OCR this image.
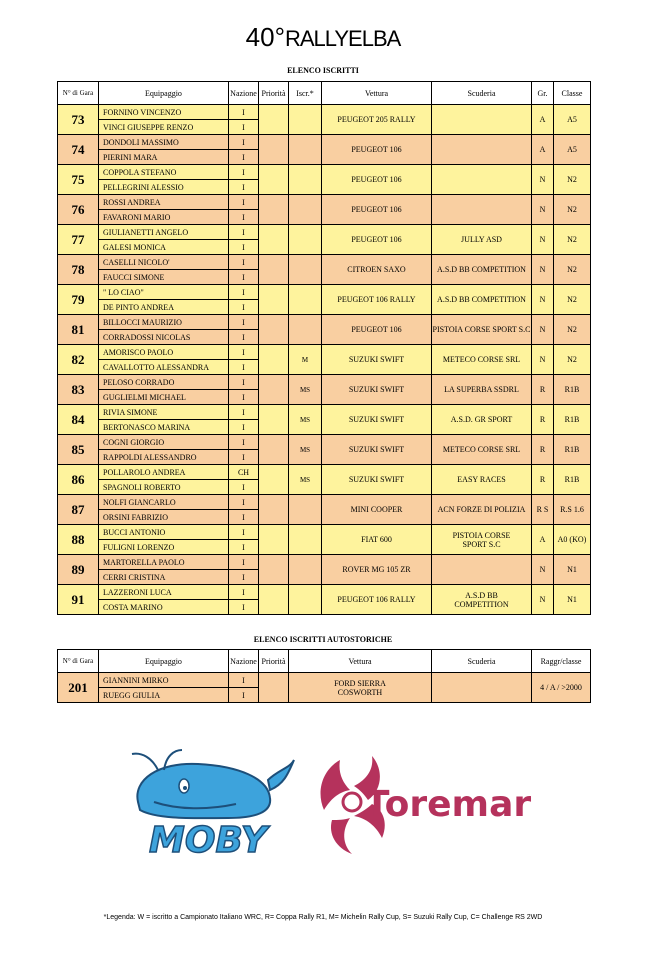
40°RALLYELBA
ELENCO ISCRITTI
N° di Gara	Equipaggio	Nazione	Priorità	Iscr.*	Vettura	Scuderia	Gr.	Classe
73	FORNINO VINCENZO	I			PEUGEOT 205 RALLY		A	A5
	VINCI GIUSEPPE RENZO	I						
74	DONDOLI MASSIMO	I			PEUGEOT 106		A	A5
	PIERINI MARA	I						
75	COPPOLA STEFANO	I			PEUGEOT 106		N	N2
	PELLEGRINI ALESSIO	I						
76	ROSSI ANDREA	I			PEUGEOT 106		N	N2
	FAVARONI MARIO	I						
77	GIULIANETTI ANGELO	I			PEUGEOT 106	JULLY ASD	N	N2
	GALESI MONICA	I						
78	CASELLI NICOLO'	I			CITROEN SAXO	A.S.D BB COMPETITION	N	N2
	FAUCCI SIMONE	I						
79	" LO CIAO"	I			PEUGEOT 106 RALLY	A.S.D BB COMPETITION	N	N2
	DE PINTO ANDREA	I						
81	BILLOCCI MAURIZIO	I			PEUGEOT 106	PISTOIA CORSE SPORT S.C	N	N2
	CORRADOSSI NICOLAS	I						
82	AMORISCO PAOLO	I		M	SUZUKI SWIFT	METECO CORSE SRL	N	N2
	CAVALLOTTO ALESSANDRA	I						
83	PELOSO CORRADO	I		MS	SUZUKI SWIFT	LA SUPERBA SSDRL	R	R1B
	GUGLIELMI MICHAEL	I						
84	RIVIA SIMONE	I		MS	SUZUKI SWIFT	A.S.D. GR SPORT	R	R1B
	BERTONASCO MARINA	I						
85	COGNI GIORGIO	I		MS	SUZUKI SWIFT	METECO CORSE SRL	R	R1B
	RAPPOLDI ALESSANDRO	I						
86	POLLAROLO ANDREA	CH		MS	SUZUKI SWIFT	EASY RACES	R	R1B
	SPAGNOLI ROBERTO	I						
87	NOLFI GIANCARLO	I			MINI COOPER	ACN FORZE DI POLIZIA	R S	R.S 1.6
	ORSINI FABRIZIO	I						
88	BUCCI ANTONIO	I			FIAT 600	PISTOIA CORSE
SPORT S.C	A	A0 (KO)
	FULIGNI LORENZO	I						
89	MARTORELLA PAOLO	I			ROVER MG 105 ZR		N	N1
	CERRI CRISTINA	I						
91	LAZZERONI LUCA	I			PEUGEOT 106 RALLY	A.S.D BB
COMPETITION	N	N1
	COSTA MARINO	I						
ELENCO ISCRITTI AUTOSTORICHE
N° di Gara	Equipaggio	Nazione	Priorità	Vettura	Scuderia	Raggr/classe
201	GIANNINI MIRKO	I		FORD SIERRA
COSWORTH		4 / A / >2000
	RUEGG GIULIA	I				
MOBY
Toremar
*Legenda: W = iscritto a Campionato Italiano WRC, R= Coppa Rally R1, M= Michelin Rally Cup, S= Suzuki Rally Cup, C= Challenge RS 2WD
